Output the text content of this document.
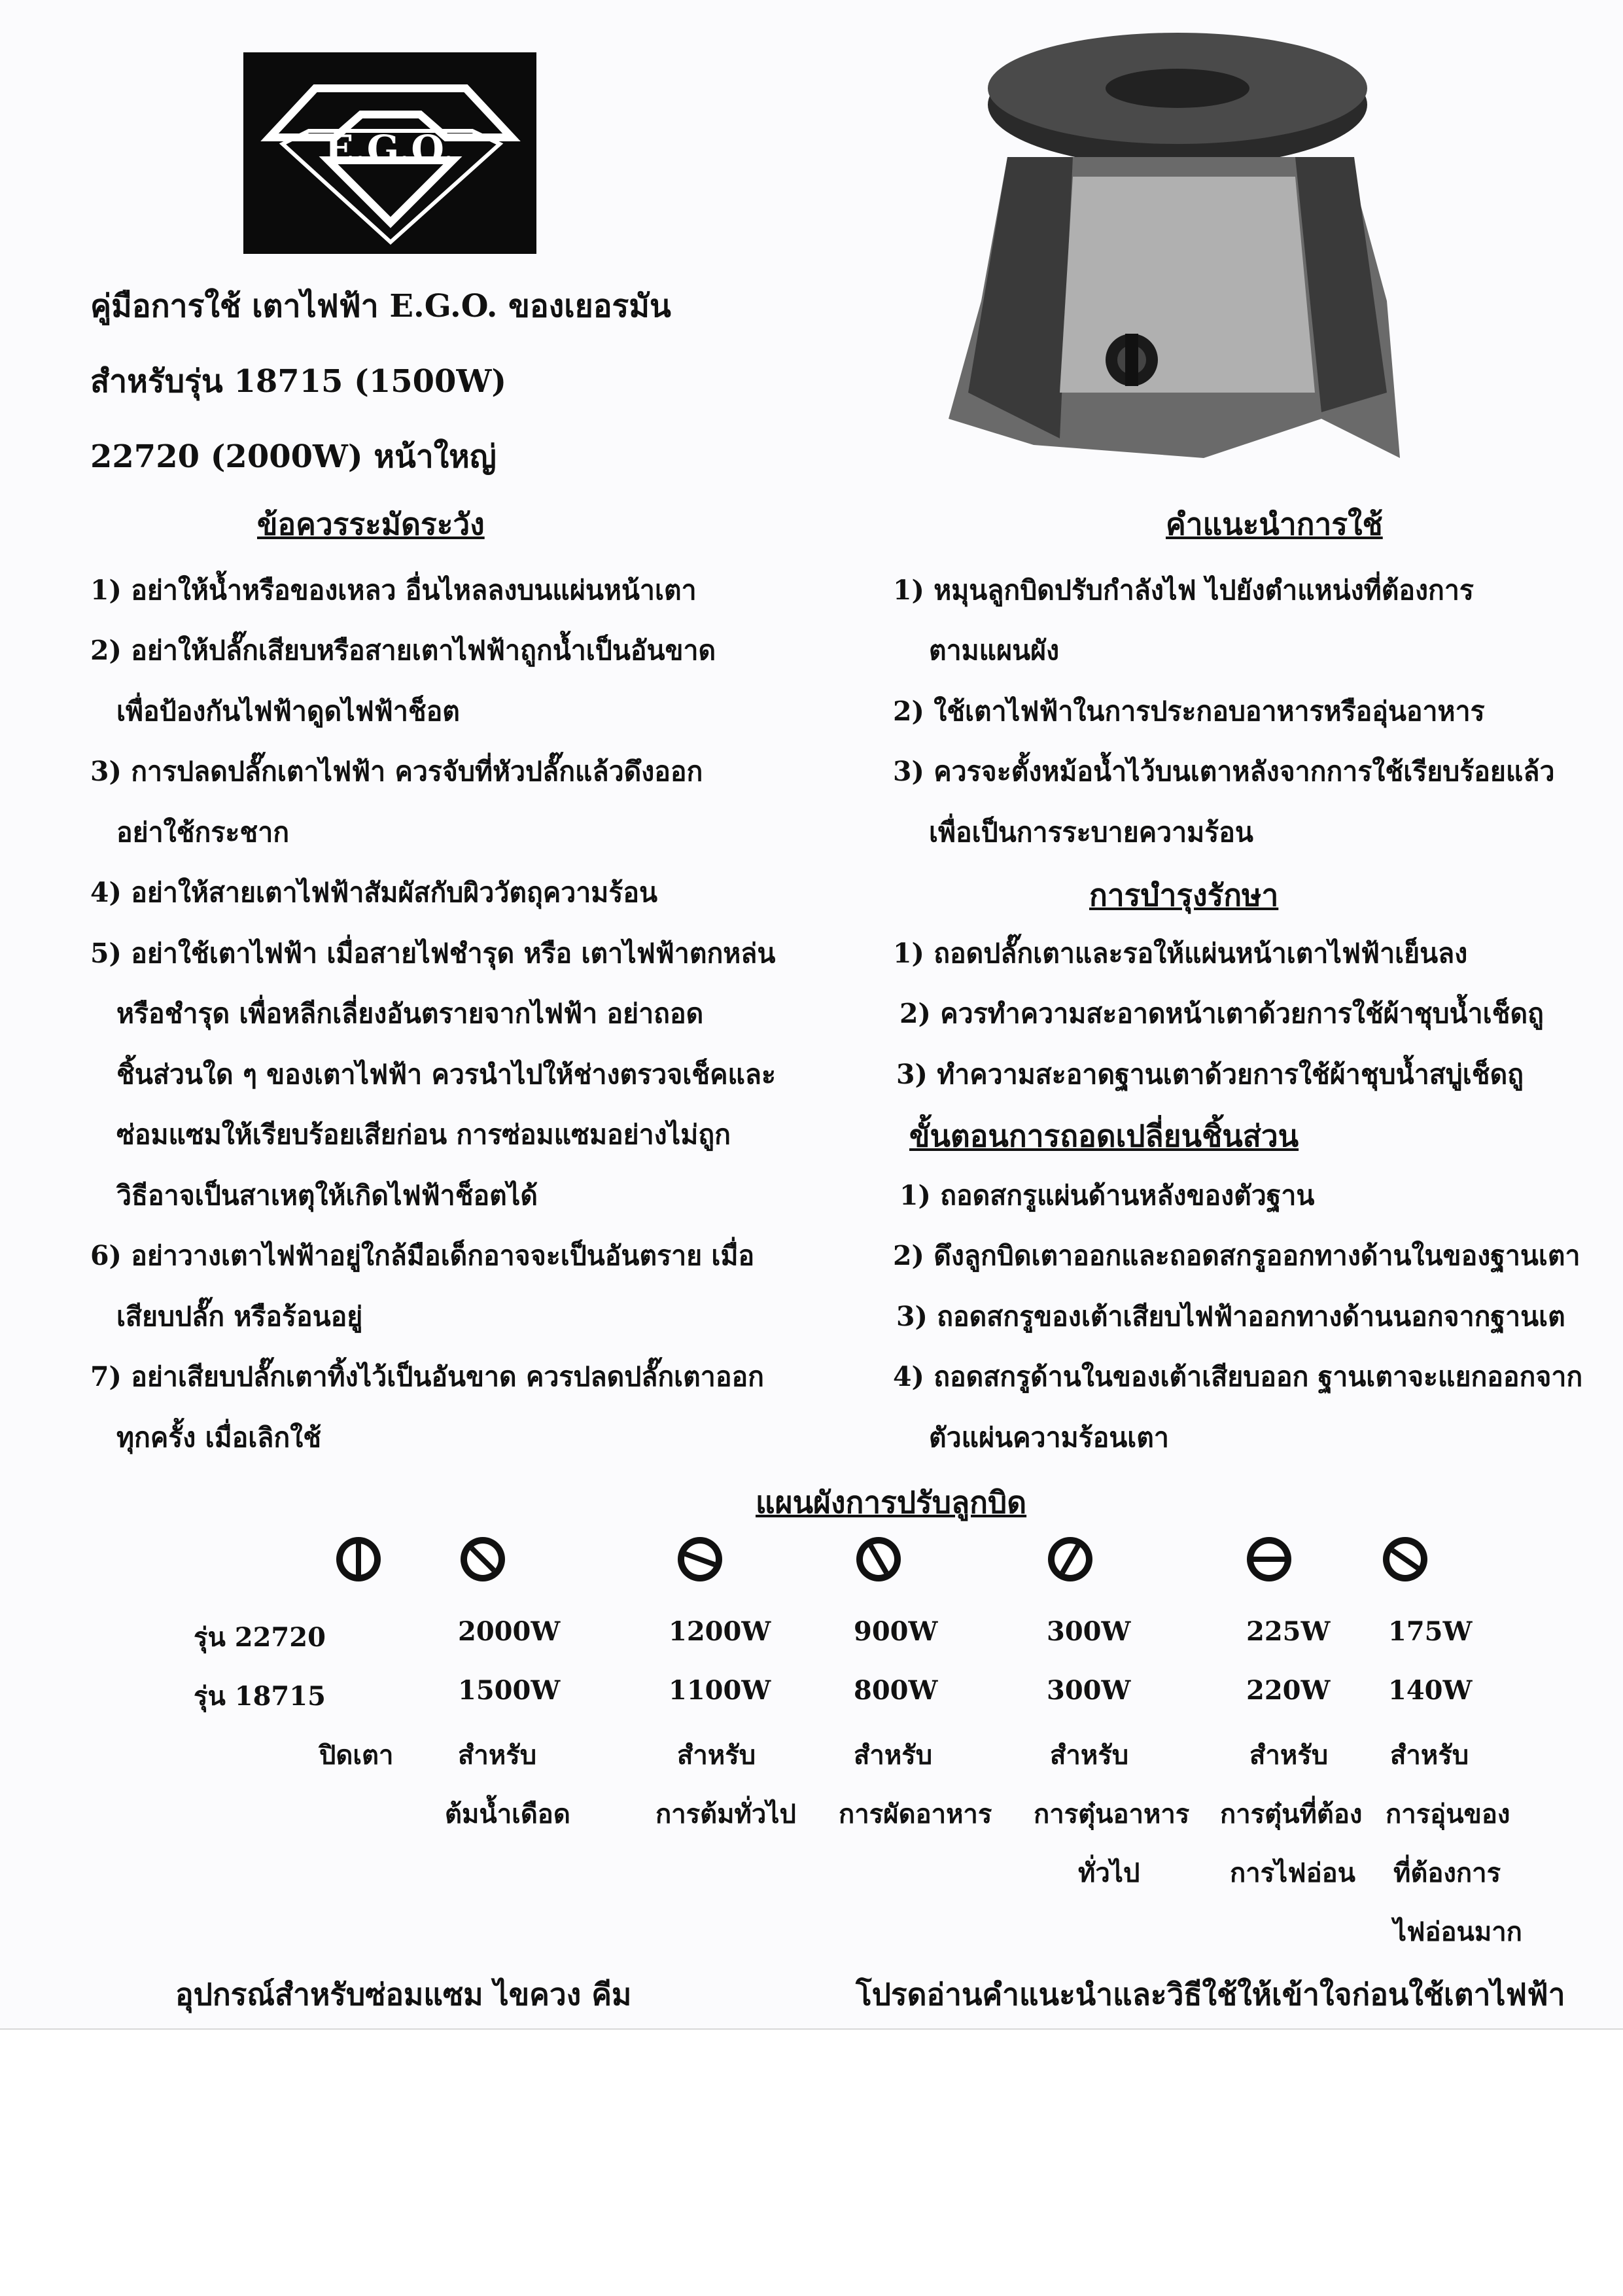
E.G.O.
คู่มือการใช้ เตาไฟฟ้า E.G.O. ของเยอรมัน
สำหรับรุ่น 18715 (1500W)
22720 (2000W) หน้าใหญ่
ข้อควรระมัดระวัง
1) อย่าให้น้ำหรือของเหลว อื่นไหลลงบนแผ่นหน้าเตา
2) อย่าให้ปลั๊กเสียบหรือสายเตาไฟฟ้าถูกน้ำเป็นอันขาด
เพื่อป้องกันไฟฟ้าดูดไฟฟ้าช็อต
3) การปลดปลั๊กเตาไฟฟ้า ควรจับที่หัวปลั๊กแล้วดึงออก
อย่าใช้กระชาก
4) อย่าให้สายเตาไฟฟ้าสัมผัสกับผิววัตถุความร้อน
5) อย่าใช้เตาไฟฟ้า เมื่อสายไฟชำรุด หรือ เตาไฟฟ้าตกหล่น
หรือชำรุด เพื่อหลีกเลี่ยงอันตรายจากไฟฟ้า อย่าถอด
ชิ้นส่วนใด ๆ ของเตาไฟฟ้า ควรนำไปให้ช่างตรวจเช็คและ
ซ่อมแซมให้เรียบร้อยเสียก่อน การซ่อมแซมอย่างไม่ถูก
วิธีอาจเป็นสาเหตุให้เกิดไฟฟ้าช็อตได้
6) อย่าวางเตาไฟฟ้าอยู่ใกล้มือเด็กอาจจะเป็นอันตราย เมื่อ
เสียบปลั๊ก หรือร้อนอยู่
7) อย่าเสียบปลั๊กเตาทิ้งไว้เป็นอันขาด ควรปลดปลั๊กเตาออก
ทุกครั้ง เมื่อเลิกใช้
คำแนะนำการใช้
1) หมุนลูกบิดปรับกำลังไฟ ไปยังตำแหน่งที่ต้องการ
ตามแผนผัง
2) ใช้เตาไฟฟ้าในการประกอบอาหารหรืออุ่นอาหาร
3) ควรจะตั้งหม้อน้ำไว้บนเตาหลังจากการใช้เรียบร้อยแล้ว
เพื่อเป็นการระบายความร้อน
การบำรุงรักษา
1) ถอดปลั๊กเตาและรอให้แผ่นหน้าเตาไฟฟ้าเย็นลง
2) ควรทำความสะอาดหน้าเตาด้วยการใช้ผ้าชุบน้ำเช็ดถู
3) ทำความสะอาดฐานเตาด้วยการใช้ผ้าชุบน้ำสบู่เช็ดถู
ขั้นตอนการถอดเปลี่ยนชิ้นส่วน
1) ถอดสกรูแผ่นด้านหลังของตัวฐาน
2) ดึงลูกบิดเตาออกและถอดสกรูออกทางด้านในของฐานเตา
3) ถอดสกรูของเต้าเสียบไฟฟ้าออกทางด้านนอกจากฐานเต
4) ถอดสกรูด้านในของเต้าเสียบออก ฐานเตาจะแยกออกจาก
ตัวแผ่นความร้อนเตา
แผนผังการปรับลูกบิด
รุ่น 22720
รุ่น 18715
ปิดเตา
2000W
1500W
สำหรับ
ต้มน้ำเดือด
1200W
1100W
สำหรับ
การต้มทั่วไป
900W
800W
สำหรับ
การผัดอาหาร
300W
300W
สำหรับ
การตุ๋นอาหาร
ทั่วไป
225W
220W
สำหรับ
การตุ๋นที่ต้อง
การไฟอ่อน
175W
140W
สำหรับ
การอุ่นของ
ที่ต้องการ
ไฟอ่อนมาก
อุปกรณ์สำหรับซ่อมแซม ไขควง คีม	โปรดอ่านคำแนะนำและวิธีใช้ให้เข้าใจก่อนใช้เตาไฟฟ้า
